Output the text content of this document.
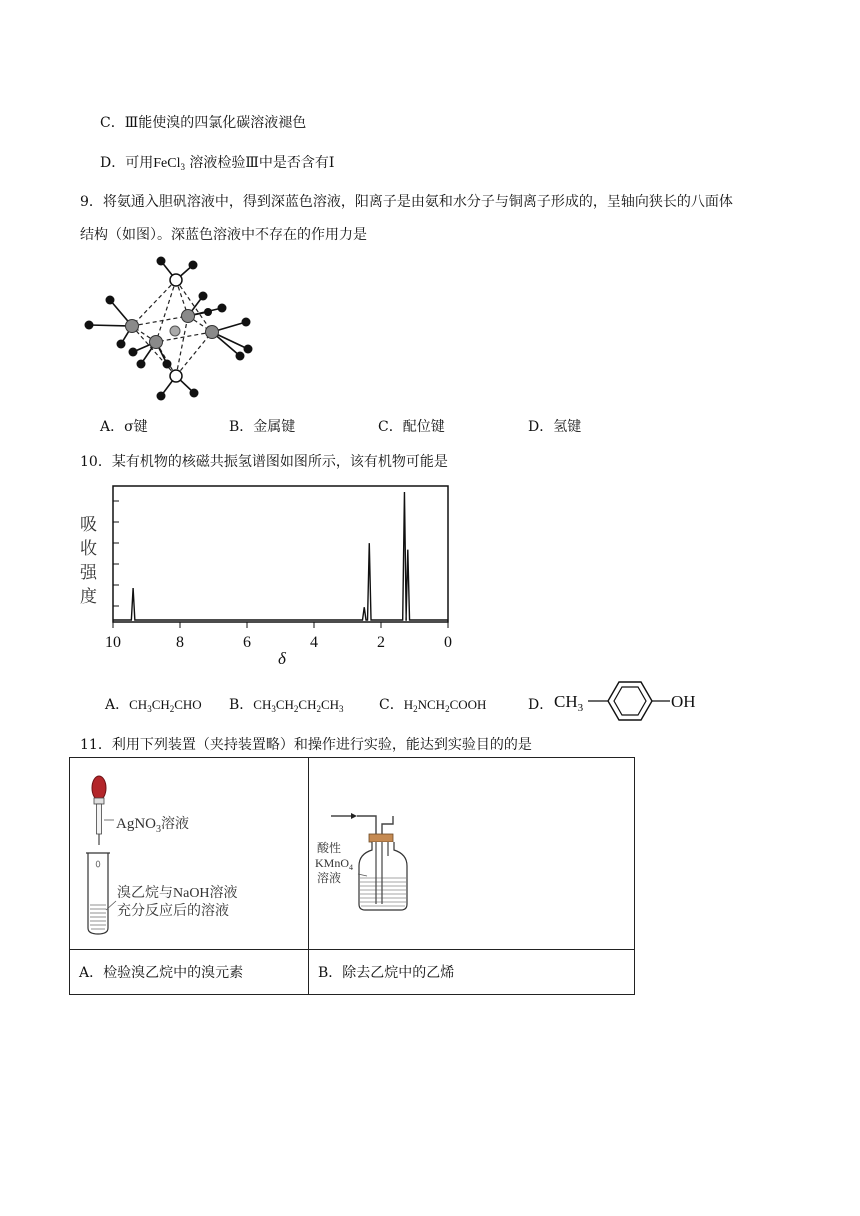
C．Ⅲ能使溴的四氯化碳溶液褪色
D．可用FeCl$_3$ 溶液检验Ⅲ中是否含有Ⅰ
9．将氨通入胆矾溶液中，得到深蓝色溶液，阳离子是由氨和水分子与铜离子形成的，呈轴向狭长的八面体
结构（如图）。深蓝色溶液中不存在的作用力是
A．σ键	B．金属键	C．配位键	D．氢键
10．某有机物的核磁共振氢谱图如图所示，该有机物可能是
10	8	6	4	2	0
吸
收
强
度
δ
A．$CH_3CH_2CHO$ B．$CH_3CH_2CH_2CH_3$	C．$H_2NCH_2COOH$	D． $CH_3$	OH
11．利用下列装置（夹持装置略）和操作进行实验，能达到实验目的的是
AgNO$_3$溶液
溴乙烷与NaOH溶液
充分反应后的溶液	酸性
KMnO$_4$
溶液

A．检验溴乙烷中的溴元素	B．除去乙烷中的乙烯
